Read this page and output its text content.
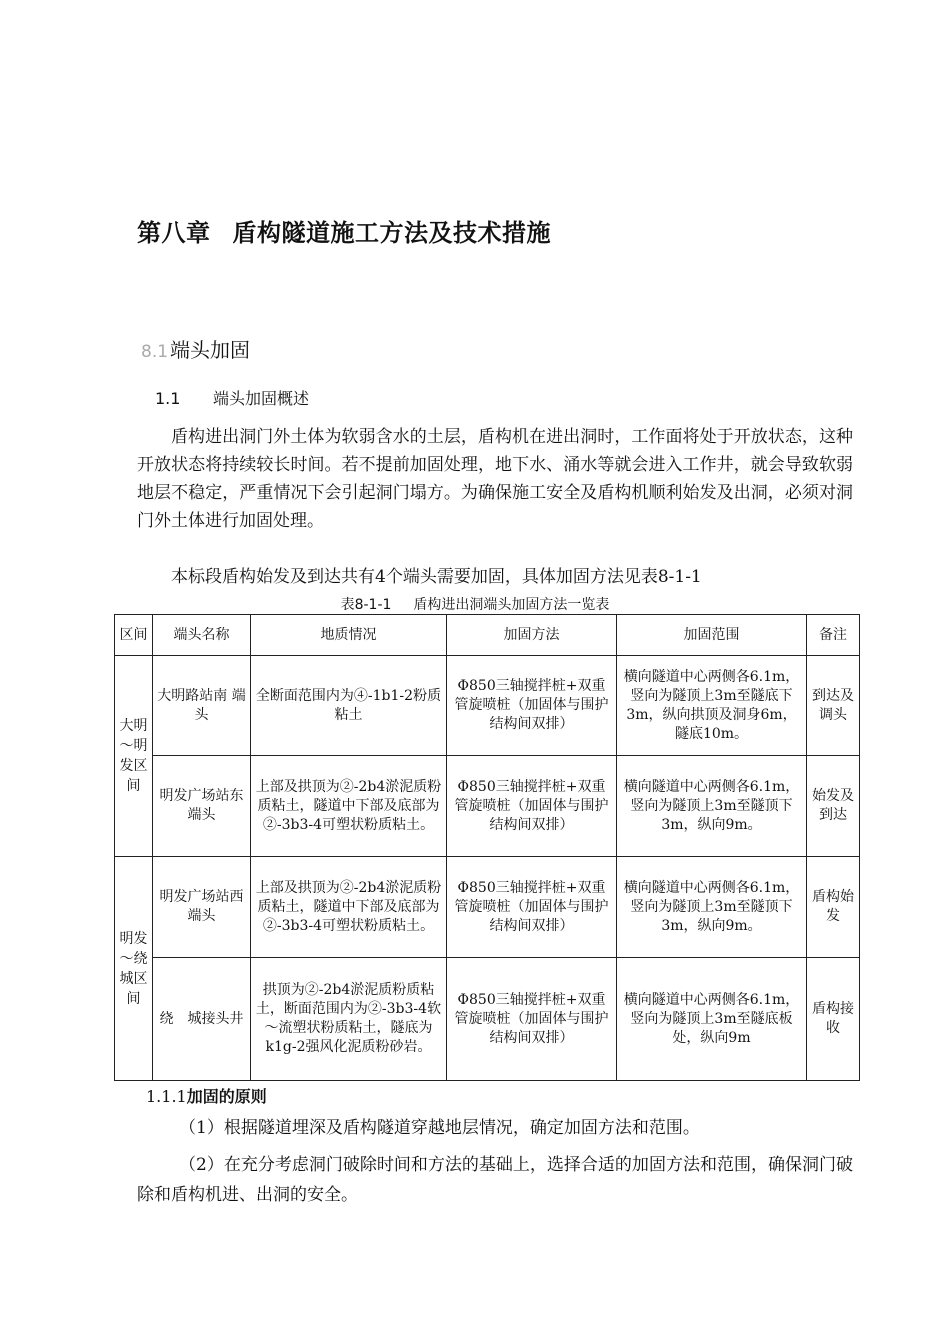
第八章 盾构隧道施工方法及技术措施
8.1 端头加固
1.1 端头加固概述

盾构进出洞门外土体为软弱含水的土层，盾构机在进出洞时，工作面将处于开放状态，这种开放状态将持续较长时间。若不提前加固处理，地下水、涌水等就会进入工作井，就会导致软弱地层不稳定，严重情况下会引起洞门塌方。为确保施工安全及盾构机顺利始发及出洞，必须对洞门外土体进行加固处理。

本标段盾构始发及到达共有4个端头需要加固，具体加固方法见表8-1-1

表8-1-1 盾构进出洞端头加固方法一览表
区间	端头名称	地质情况	加固方法	加固范围	备注
大明～明发区间	大明路站南 端 头	全断面范围内为④-1b1-2粉质粘土	Φ850三轴搅拌桩+双重管旋喷桩（加固体与围护结构间双排）	横向隧道中心两侧各6.1m，竖向为隧顶上3m至隧底下3m，纵向拱顶及洞身6m，隧底10m。	到达及调头
	明发广场站东端头	上部及拱顶为②-2b4淤泥质粉质粘土，隧道中下部及底部为②-3b3-4可塑状粉质粘土。	Φ850三轴搅拌桩+双重管旋喷桩（加固体与围护结构间双排）	横向隧道中心两侧各6.1m，竖向为隧顶上3m至隧顶下3m，纵向9m。	始发及到达
明发～绕城区间	明发广场站西端头	上部及拱顶为②-2b4淤泥质粉质粘土，隧道中下部及底部为②-3b3-4可塑状粉质粘土。	Φ850三轴搅拌桩+双重管旋喷桩（加固体与围护结构间双排）	横向隧道中心两侧各6.1m，竖向为隧顶上3m至隧顶下3m，纵向9m。	盾构始发
	绕　城接头井	拱顶为②-2b4淤泥质粉质粘土，断面范围内为②-3b3-4软～流塑状粉质粘土，隧底为k1g-2强风化泥质粉砂岩。	Φ850三轴搅拌桩+双重管旋喷桩（加固体与围护结构间双排）	横向隧道中心两侧各6.1m，竖向为隧顶上3m至隧底板处，纵向9m	盾构接收
1.1.1加固的原则

（1）根据隧道埋深及盾构隧道穿越地层情况，确定加固方法和范围。

（2）在充分考虑洞门破除时间和方法的基础上，选择合适的加固方法和范围，确保洞门破除和盾构机进、出洞的安全。
